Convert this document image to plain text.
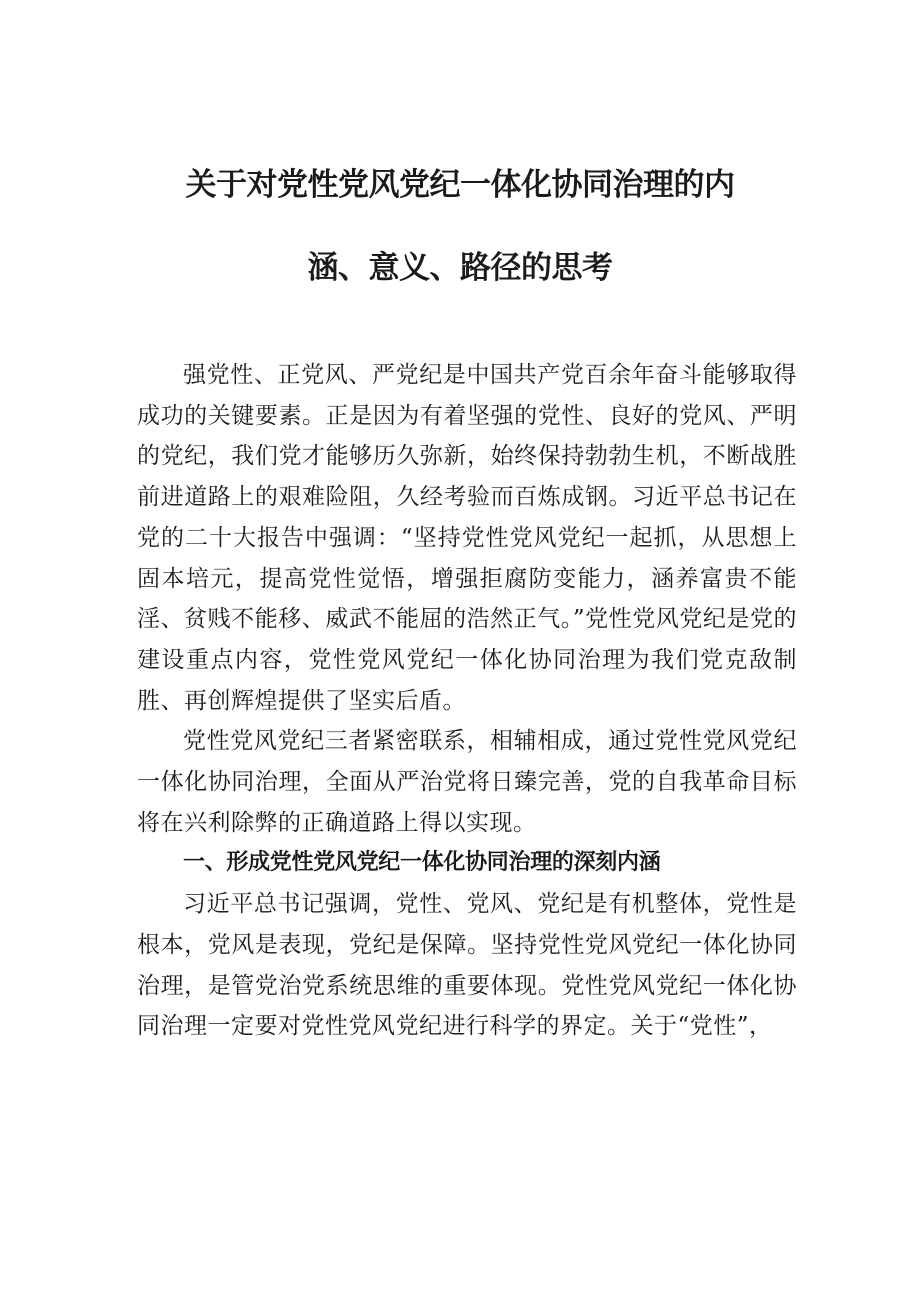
关于对党性党风党纪一体化协同治理的内
涵、意义、路径的思考

强党性、正党风、严党纪是中国共产党百余年奋斗能够取得成功的关键要素。正是因为有着坚强的党性、良好的党风、严明的党纪，我们党才能够历久弥新，始终保持勃勃生机，不断战胜前进道路上的艰难险阻，久经考验而百炼成钢。习近平总书记在党的二十大报告中强调：“坚持党性党风党纪一起抓，从思想上固本培元，提高党性觉悟，增强拒腐防变能力，涵养富贵不能淫、贫贱不能移、威武不能屈的浩然正气。”党性党风党纪是党的建设重点内容，党性党风党纪一体化协同治理为我们党克敌制胜、再创辉煌提供了坚实后盾。

党性党风党纪三者紧密联系，相辅相成，通过党性党风党纪一体化协同治理，全面从严治党将日臻完善，党的自我革命目标将在兴利除弊的正确道路上得以实现。

一、形成党性党风党纪一体化协同治理的深刻内涵

习近平总书记强调，党性、党风、党纪是有机整体，党性是根本，党风是表现，党纪是保障。坚持党性党风党纪一体化协同治理，是管党治党系统思维的重要体现。党性党风党纪一体化协同治理一定要对党性党风党纪进行科学的界定。关于“党性”，
